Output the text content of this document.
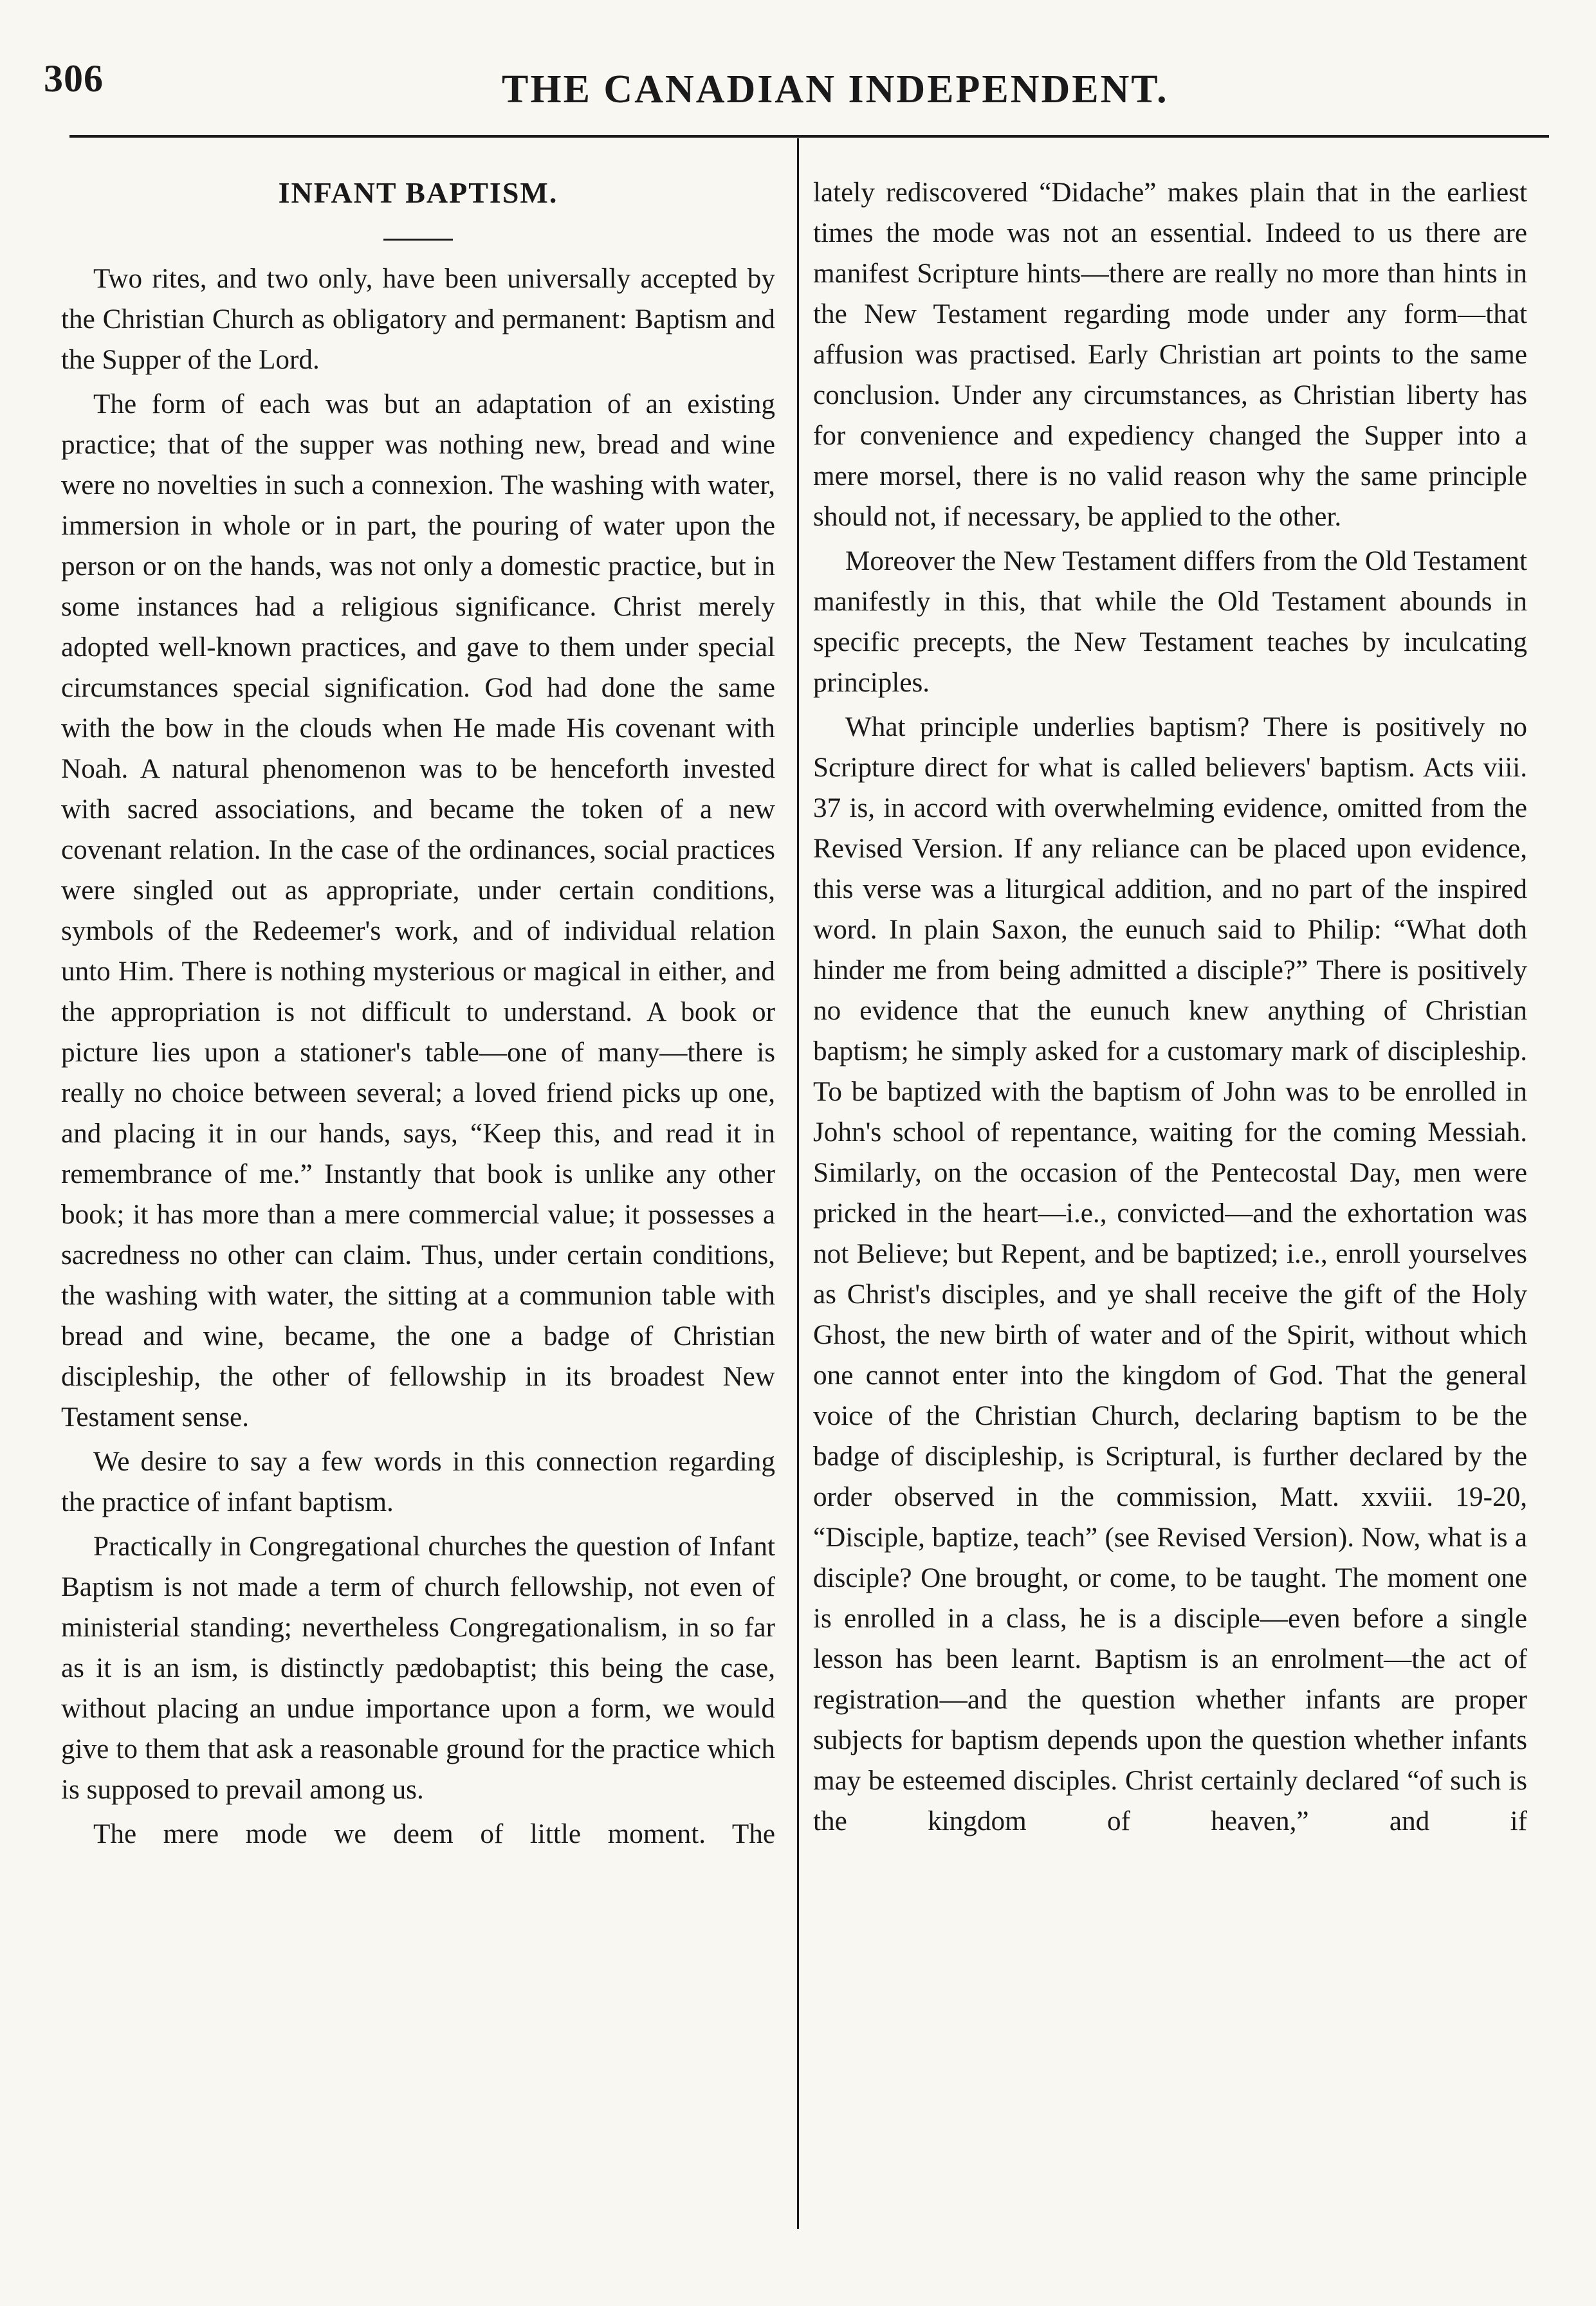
306	THE CANADIAN INDEPENDENT.
INFANT BAPTISM.

Two rites, and two only, have been universally accepted by the Christian Church as obligatory and permanent: Baptism and the Supper of the Lord.

The form of each was but an adaptation of an existing practice; that of the supper was nothing new, bread and wine were no novelties in such a connexion. The washing with water, immersion in whole or in part, the pouring of water upon the person or on the hands, was not only a domestic practice, but in some instances had a religious significance. Christ merely adopted well-known practices, and gave to them under special circumstances special signification. God had done the same with the bow in the clouds when He made His covenant with Noah. A natural phenomenon was to be henceforth invested with sacred associations, and became the token of a new covenant relation. In the case of the ordinances, social practices were singled out as appropriate, under certain conditions, symbols of the Redeemer's work, and of individual relation unto Him. There is nothing mysterious or magical in either, and the appropriation is not difficult to understand. A book or picture lies upon a stationer's table—one of many—there is really no choice between several; a loved friend picks up one, and placing it in our hands, says, “Keep this, and read it in remembrance of me.” Instantly that book is unlike any other book; it has more than a mere commercial value; it possesses a sacredness no other can claim. Thus, under certain conditions, the washing with water, the sitting at a communion table with bread and wine, became, the one a badge of Christian discipleship, the other of fellowship in its broadest New Testament sense.

We desire to say a few words in this connection regarding the practice of infant baptism.

Practically in Congregational churches the question of Infant Baptism is not made a term of church fellowship, not even of ministerial standing; nevertheless Congregationalism, in so far as it is an ism, is distinctly pædobaptist; this being the case, without placing an undue importance upon a form, we would give to them that ask a reasonable ground for the practice which is supposed to prevail among us.

The mere mode we deem of little moment. The

lately rediscovered “Didache” makes plain that in the earliest times the mode was not an essential. Indeed to us there are manifest Scripture hints—there are really no more than hints in the New Testament regarding mode under any form—that affusion was practised. Early Christian art points to the same conclusion. Under any circumstances, as Christian liberty has for convenience and expediency changed the Supper into a mere morsel, there is no valid reason why the same principle should not, if necessary, be applied to the other.

Moreover the New Testament differs from the Old Testament manifestly in this, that while the Old Testament abounds in specific precepts, the New Testament teaches by inculcating principles.

What principle underlies baptism? There is positively no Scripture direct for what is called believers' baptism. Acts viii. 37 is, in accord with overwhelming evidence, omitted from the Revised Version. If any reliance can be placed upon evidence, this verse was a liturgical addition, and no part of the inspired word. In plain Saxon, the eunuch said to Philip: “What doth hinder me from being admitted a disciple?” There is positively no evidence that the eunuch knew anything of Christian baptism; he simply asked for a customary mark of discipleship. To be baptized with the baptism of John was to be enrolled in John's school of repentance, waiting for the coming Messiah. Similarly, on the occasion of the Pentecostal Day, men were pricked in the heart—i.e., convicted—and the exhortation was not Believe; but Repent, and be baptized; i.e., enroll yourselves as Christ's disciples, and ye shall receive the gift of the Holy Ghost, the new birth of water and of the Spirit, without which one cannot enter into the kingdom of God. That the general voice of the Christian Church, declaring baptism to be the badge of discipleship, is Scriptural, is further declared by the order observed in the commission, Matt. xxviii. 19-20, “Disciple, baptize, teach” (see Revised Version). Now, what is a disciple? One brought, or come, to be taught. The moment one is enrolled in a class, he is a disciple—even before a single lesson has been learnt. Baptism is an enrolment—the act of registration—and the question whether infants are proper subjects for baptism depends upon the question whether infants may be esteemed disciples. Christ certainly declared “of such is the kingdom of heaven,” and if
